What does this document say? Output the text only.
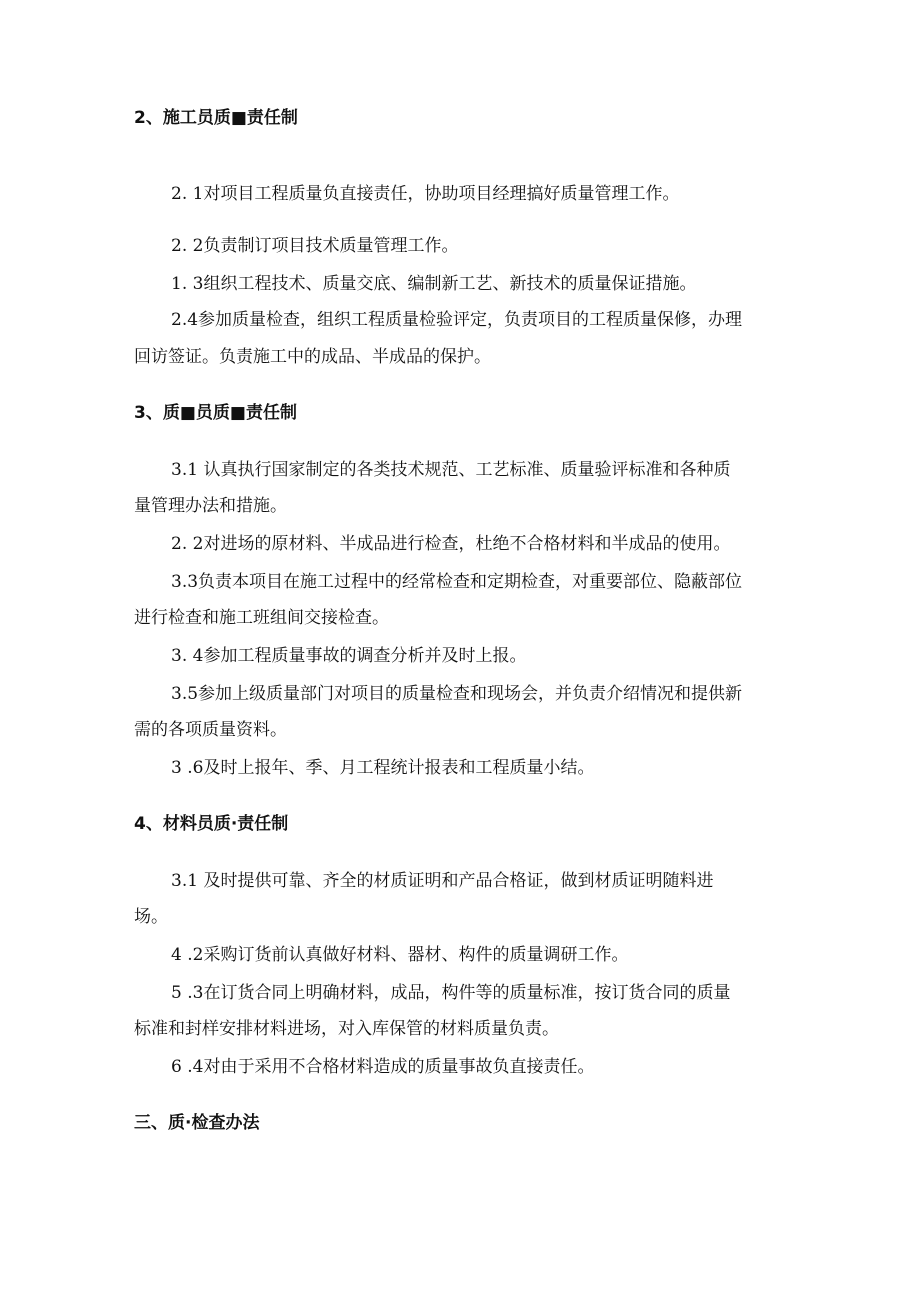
2、施工员质■责任制
2. 1对项目工程质量负直接责任，协助项目经理搞好质量管理工作。
2. 2负责制订项目技术质量管理工作。
1. 3组织工程技术、质量交底、编制新工艺、新技术的质量保证措施。
2.4参加质量检查，组织工程质量检验评定，负责项目的工程质量保修，办理
回访签证。负责施工中的成品、半成品的保护。
3、质■员质■责任制
3.1 认真执行国家制定的各类技术规范、工艺标准、质量验评标准和各种质
量管理办法和措施。
2. 2对进场的原材料、半成品进行检查，杜绝不合格材料和半成品的使用。
3.3负责本项目在施工过程中的经常检查和定期检查，对重要部位、隐蔽部位
进行检查和施工班组间交接检查。
3. 4参加工程质量事故的调查分析并及时上报。
3.5参加上级质量部门对项目的质量检查和现场会，并负责介绍情况和提供新
需的各项质量资料。
3 .6及时上报年、季、月工程统计报表和工程质量小结。
4、材料员质·责任制
3.1 及时提供可靠、齐全的材质证明和产品合格证，做到材质证明随料进
场。
4 .2采购订货前认真做好材料、器材、构件的质量调研工作。
5 .3在订货合同上明确材料，成品，构件等的质量标准，按订货合同的质量
标准和封样安排材料进场，对入库保管的材料质量负责。
6 .4对由于采用不合格材料造成的质量事故负直接责任。
三、质·检查办法
